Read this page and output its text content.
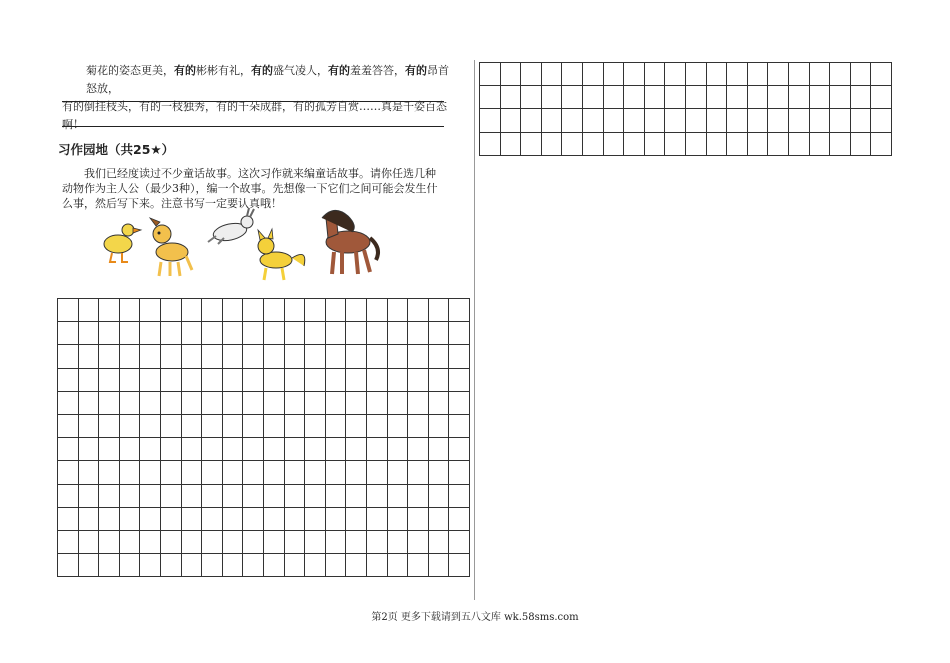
菊花的姿态更美，有的彬彬有礼，有的盛气凌人，有的羞羞答答，有的昂首怒放，

有的倒挂枝头，有的一枝独秀，有的千朵成群，有的孤芳自赏……真是千姿百态啊！

习作园地（共25★）

我们已经度读过不少童话故事。这次习作就来编童话故事。请你任选几种动物作为主人公（最少3种），编一个故事。先想像一下它们之间可能会发生什么事，然后写下来。注意书写一定要认真哦！

第2页 更多下载请到五八文库 wk.58sms.com
